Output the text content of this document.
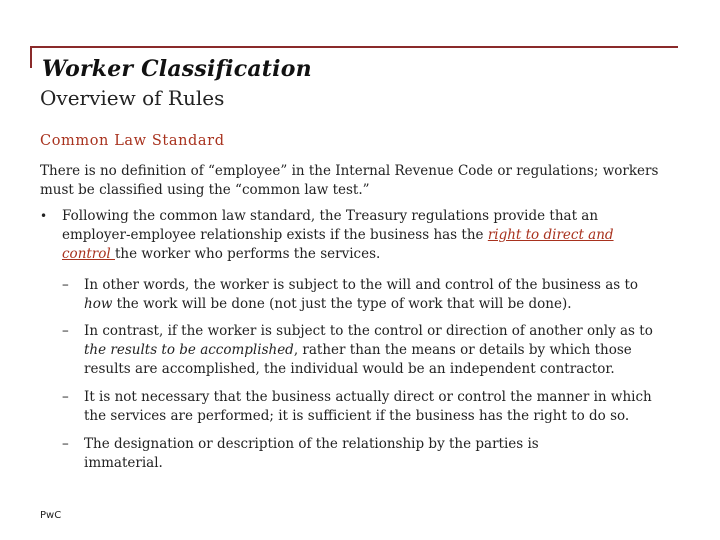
Worker Classification
Overview of Rules
Common Law Standard

There is no definition of “employee” in the Internal Revenue Code or regulations; workers must be classified using the “common law test.”

•	Following the common law standard, the Treasury regulations provide that an employer-employee relationship exists if the business has the right to direct and control the worker who performs the services.
–	In other words, the worker is subject to the will and control of the business as to how the work will be done (not just the type of work that will be done).
–	In contrast, if the worker is subject to the control or direction of another only as to the results to be accomplished, rather than the means or details by which those results are accomplished, the individual would be an independent contractor.
–	It is not necessary that the business actually direct or control the manner in which the services are performed; it is sufficient if the business has the right to do so.
–	The designation or description of the relationship by the parties is immaterial.
PwC
